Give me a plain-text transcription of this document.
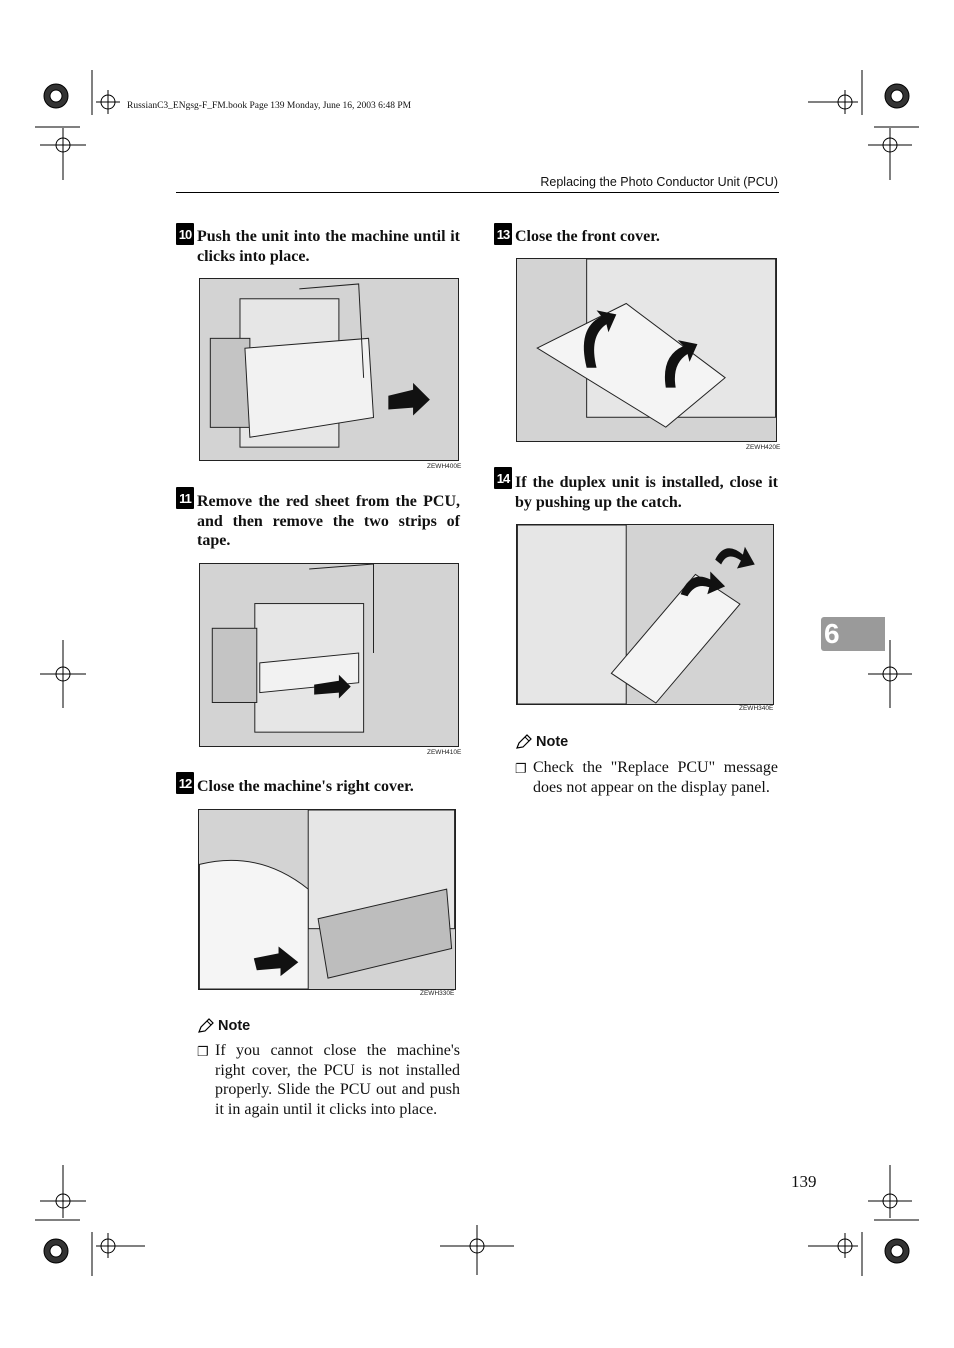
RussianC3_ENgsg-F_FM.book Page 139 Monday, June 16, 2003 6:48 PM
Replacing the Photo Conductor Unit (PCU)
10 Push the unit into the machine until it clicks into place.
ZEWH400E
11 Remove the red sheet from the PCU, and then remove the two strips of tape.
ZEWH410E
12 Close the machine's right cover.
ZEWH330E
Note
❐ If you cannot close the machine's right cover, the PCU is not installed properly. Slide the PCU out and push it in again until it clicks into place.
13 Close the front cover.
ZEWH420E
14 If the duplex unit is installed, close it by pushing up the catch.
ZEWH340E
Note
❐ Check the "Replace PCU" message does not appear on the display panel.
6
139
